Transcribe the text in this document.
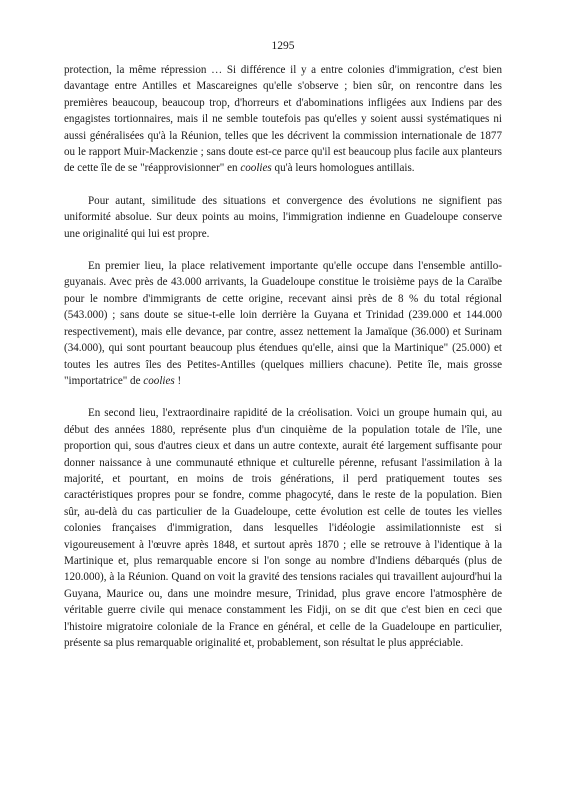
1295

protection, la même répression … Si différence il y a entre colonies d'immigration, c'est bien davantage entre Antilles et Mascareignes qu'elle s'observe ; bien sûr, on rencontre dans les premières beaucoup, beaucoup trop, d'horreurs et d'abominations infligées aux Indiens par des engagistes tortionnaires, mais il ne semble toutefois pas qu'elles y soient aussi systématiques ni aussi généralisées qu'à la Réunion, telles que les décrivent la commission internationale de 1877 ou le rapport Muir-Mackenzie ; sans doute est-ce parce qu'il est beaucoup plus facile aux planteurs de cette île de se "réapprovisionner" en coolies qu'à leurs homologues antillais.

Pour autant, similitude des situations et convergence des évolutions ne signifient pas uniformité absolue. Sur deux points au moins, l'immigration indienne en Guadeloupe conserve une originalité qui lui est propre.

En premier lieu, la place relativement importante qu'elle occupe dans l'ensemble antillo-guyanais. Avec près de 43.000 arrivants, la Guadeloupe constitue le troisième pays de la Caraïbe pour le nombre d'immigrants de cette origine, recevant ainsi près de 8 % du total régional (543.000) ; sans doute se situe-t-elle loin derrière la Guyana et Trinidad (239.000 et 144.000 respectivement), mais elle devance, par contre, assez nettement la Jamaïque (36.000) et Surinam (34.000), qui sont pourtant beaucoup plus étendues qu'elle, ainsi que la Martinique" (25.000) et toutes les autres îles des Petites-Antilles (quelques milliers chacune). Petite île, mais grosse "importatrice" de coolies !

En second lieu, l'extraordinaire rapidité de la créolisation. Voici un groupe humain qui, au début des années 1880, représente plus d'un cinquième de la population totale de l'île, une proportion qui, sous d'autres cieux et dans un autre contexte, aurait été largement suffisante pour donner naissance à une communauté ethnique et culturelle pérenne, refusant l'assimilation à la majorité, et pourtant, en moins de trois générations, il perd pratiquement toutes ses caractéristiques propres pour se fondre, comme phagocyté, dans le reste de la population. Bien sûr, au-delà du cas particulier de la Guadeloupe, cette évolution est celle de toutes les vielles colonies françaises d'immigration, dans lesquelles l'idéologie assimilationniste est si vigoureusement à l'œuvre après 1848, et surtout après 1870 ; elle se retrouve à l'identique à la Martinique et, plus remarquable encore si l'on songe au nombre d'Indiens débarqués (plus de 120.000), à la Réunion. Quand on voit la gravité des tensions raciales qui travaillent aujourd'hui la Guyana, Maurice ou, dans une moindre mesure, Trinidad, plus grave encore l'atmosphère de véritable guerre civile qui menace constamment les Fidji, on se dit que c'est bien en ceci que l'histoire migratoire coloniale de la France en général, et celle de la Guadeloupe en particulier, présente sa plus remarquable originalité et, probablement, son résultat le plus appréciable.
